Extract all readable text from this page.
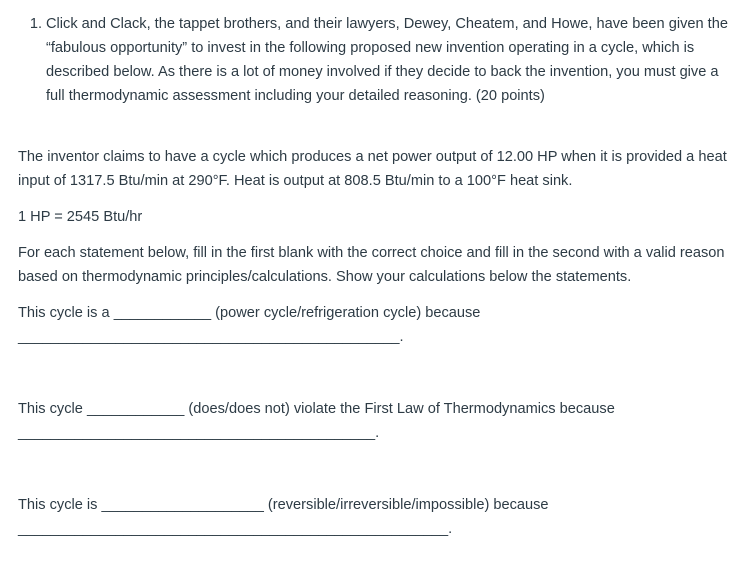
1. Click and Clack, the tappet brothers, and their lawyers, Dewey, Cheatem, and Howe, have been given the “fabulous opportunity” to invest in the following proposed new invention operating in a cycle, which is described below. As there is a lot of money involved if they decide to back the invention, you must give a full thermodynamic assessment including your detailed reasoning. (20 points)

The inventor claims to have a cycle which produces a net power output of 12.00 HP when it is provided a heat input of 1317.5 Btu/min at 290°F. Heat is output at 808.5 Btu/min to a 100°F heat sink.

1 HP = 2545 Btu/hr

For each statement below, fill in the first blank with the correct choice and fill in the second with a valid reason based on thermodynamic principles/calculations. Show your calculations below the statements.

This cycle is a ____________ (power cycle/refrigeration cycle) because
_______________________________________________.
This cycle ____________ (does/does not) violate the First Law of Thermodynamics because
____________________________________________.
This cycle is ____________________ (reversible/irreversible/impossible) because
_____________________________________________________.
